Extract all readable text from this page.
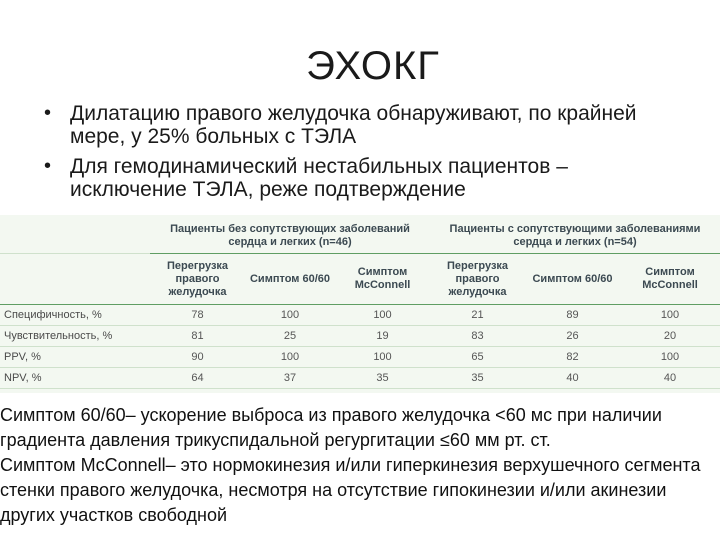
ЭХОКГ
• Дилатацию правого желудочка обнаруживают, по крайней мере, у 25% больных с ТЭЛА
• Для гемодинамический нестабильных пациентов – исключение ТЭЛА, реже подтверждение
	Пациенты без сопутствующих заболеваний сердца и легких (n=46)			Пациенты с сопутствующими заболеваниями сердца и легких (n=54)		
	Перегрузка правого желудочка	Симптом 60/60	Симптом McConnell	Перегрузка правого желудочка	Симптом 60/60	Симптом McConnell
Специфичность, %	78	100	100	21	89	100
Чувствительность, %	81	25	19	83	26	20
PPV, %	90	100	100	65	82	100
NPV, %	64	37	35	35	40	40
Симптом 60/60– ускорение выброса из правого желудочка <60 мс при наличии градиента давления трикуспидальной регургитации ≤60 мм рт. ст.
Симптом McConnell– это нормокинезия и/или гиперкинезия верхушечного сегмента стенки правого желудочка, несмотря на отсутствие гипокинезии и/или акинезии других участков свободной
